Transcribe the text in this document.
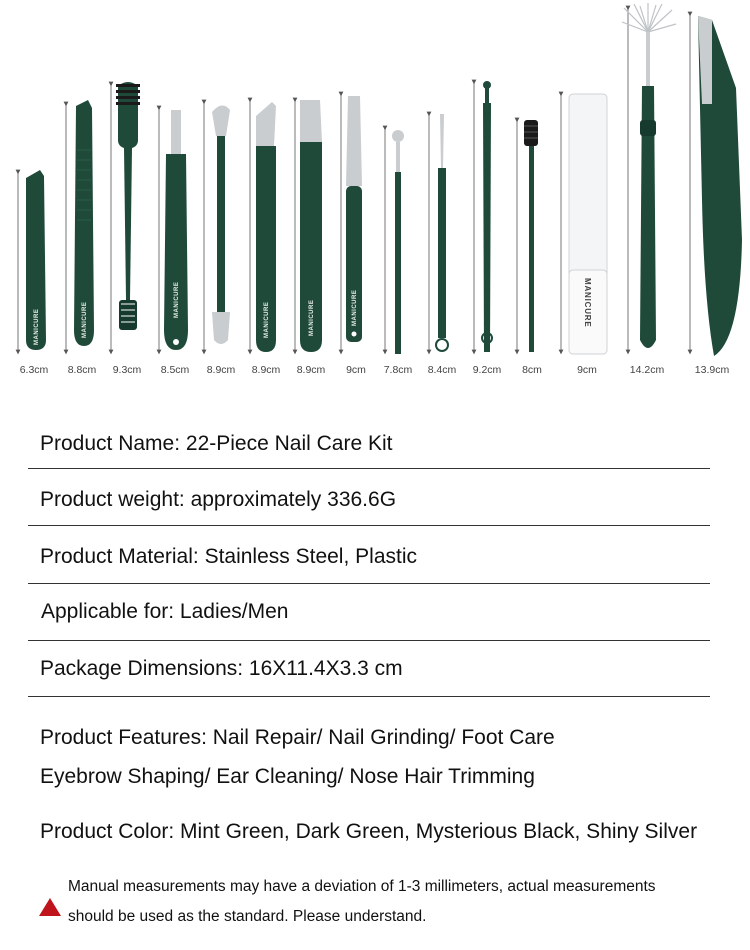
MANICURE	MANICURE
MANICURE
MANICURE	MANICURE	MANICURE	MANICURE
6.3cm 8.8cm 9.3cm 8.5cm 8.9cm 8.9cm 8.9cm 9cm 7.8cm 8.4cm 9.2cm 8cm	9cm	14.2cm	13.9cm
Product Name: 22-Piece Nail Care Kit
Product weight: approximately 336.6G
Product Material: Stainless Steel, Plastic
Applicable for: Ladies/Men
Package Dimensions: 16X11.4X3.3 cm
Product Features: Nail Repair/ Nail Grinding/ Foot Care
Eyebrow Shaping/ Ear Cleaning/ Nose Hair Trimming
Product Color: Mint Green, Dark Green, Mysterious Black, Shiny Silver
Manual measurements may have a deviation of 1-3 millimeters, actual measurements
should be used as the standard. Please understand.
